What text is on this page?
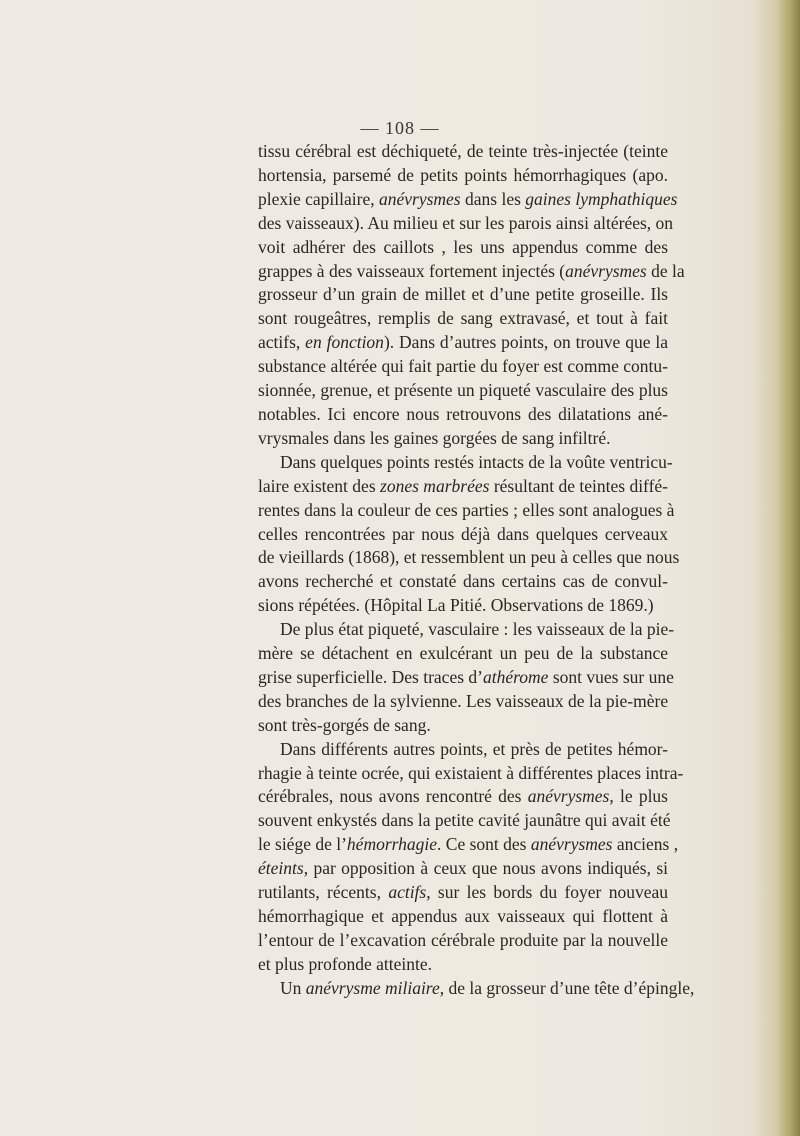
— 108 —
tissu cérébral est déchiqueté, de teinte très-injectée (teinte
hortensia, parsemé de petits points hémorrhagiques (apo.
plexie capillaire, anévrysmes dans les gaines lymphathiques
des vaisseaux). Au milieu et sur les parois ainsi altérées, on
voit adhérer des caillots , les uns appendus comme des
grappes à des vaisseaux fortement injectés (anévrysmes de la
grosseur d’un grain de millet et d’une petite groseille. Ils
sont rougeâtres, remplis de sang extravasé, et tout à fait
actifs, en fonction). Dans d’autres points, on trouve que la
substance altérée qui fait partie du foyer est comme contu-
sionnée, grenue, et présente un piqueté vasculaire des plus
notables. Ici encore nous retrouvons des dilatations ané-
vrysmales dans les gaines gorgées de sang infiltré.
Dans quelques points restés intacts de la voûte ventricu-
laire existent des zones marbrées résultant de teintes diffé-
rentes dans la couleur de ces parties ; elles sont analogues à
celles rencontrées par nous déjà dans quelques cerveaux
de vieillards (1868), et ressemblent un peu à celles que nous
avons recherché et constaté dans certains cas de convul-
sions répétées. (Hôpital La Pitié. Observations de 1869.)
De plus état piqueté, vasculaire : les vaisseaux de la pie-
mère se détachent en exulcérant un peu de la substance
grise superficielle. Des traces d’athérome sont vues sur une
des branches de la sylvienne. Les vaisseaux de la pie-mère
sont très-gorgés de sang.
Dans différents autres points, et près de petites hémor-
rhagie à teinte ocrée, qui existaient à différentes places intra-
cérébrales, nous avons rencontré des anévrysmes, le plus
souvent enkystés dans la petite cavité jaunâtre qui avait été
le siége de l’hémorrhagie. Ce sont des anévrysmes anciens ,
éteints, par opposition à ceux que nous avons indiqués, si
rutilants, récents, actifs, sur les bords du foyer nouveau
hémorrhagique et appendus aux vaisseaux qui flottent à
l’entour de l’excavation cérébrale produite par la nouvelle
et plus profonde atteinte.
Un anévrysme miliaire, de la grosseur d’une tête d’épingle,
